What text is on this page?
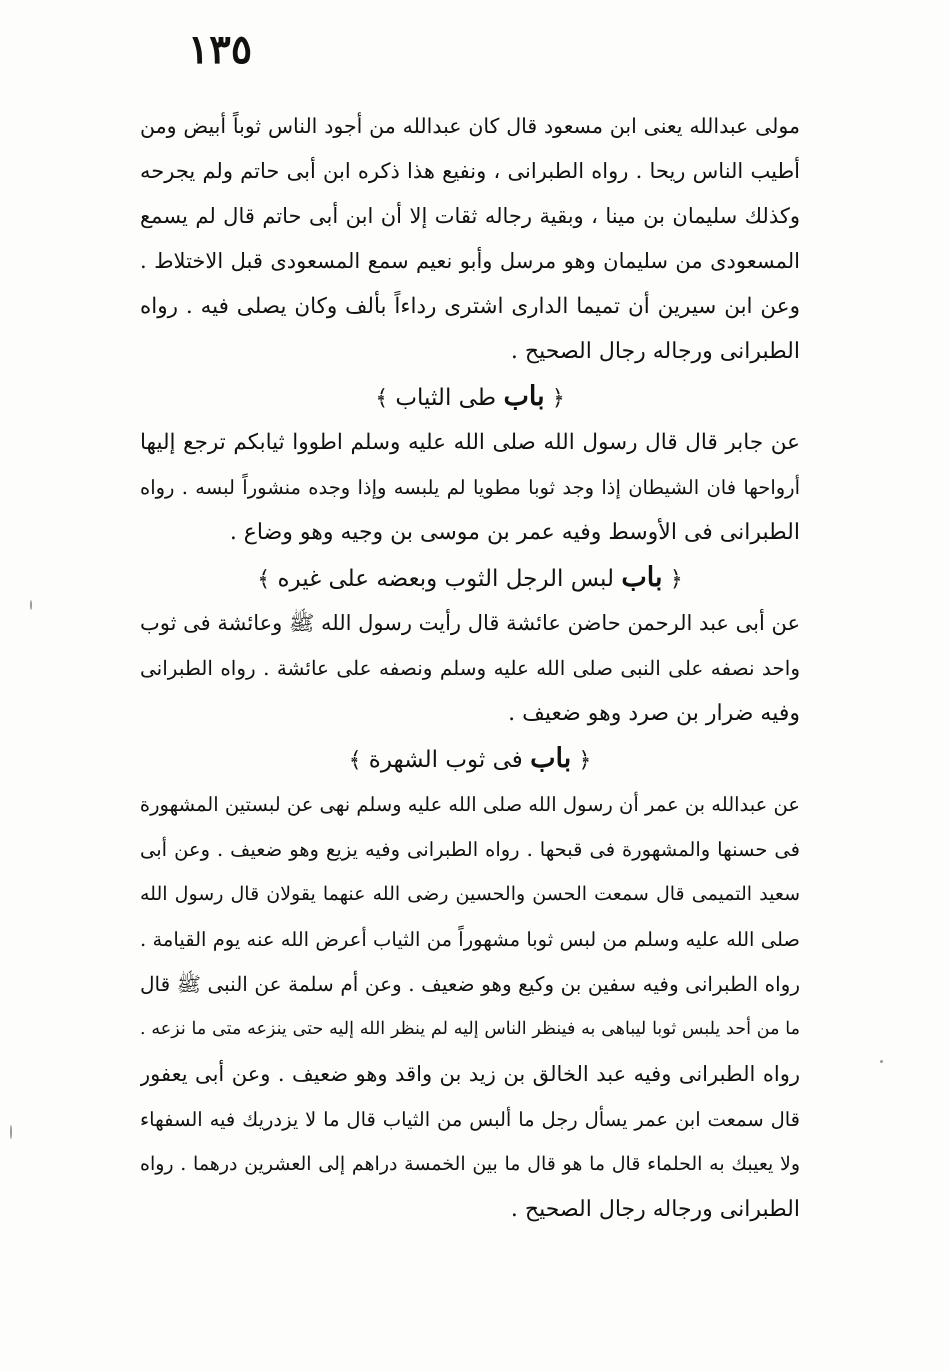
١٣٥
مولى عبدالله يعنى ابن مسعود قال كان عبدالله من أجود الناس ثوباً أبيض ومن
أطيب الناس ريحا . رواه الطبرانى ، ونفيع هذا ذكره ابن أبى حاتم ولم يجرحه
وكذلك سليمان بن مينا ، وبقية رجاله ثقات إلا أن ابن أبى حاتم قال لم يسمع
المسعودى من سليمان وهو مرسل وأبو نعيم سمع المسعودى قبل الاختلاط .
وعن ابن سيرين أن تميما الدارى اشترى رداءاً بألف وكان يصلى فيه . رواه
الطبرانى ورجاله رجال الصحيح .
﴿ باب طى الثياب ﴾
عن جابر قال قال رسول الله صلى الله عليه وسلم اطووا ثيابكم ترجع إليها
أرواحها فان الشيطان إذا وجد ثوبا مطويا لم يلبسه وإذا وجده منشوراً لبسه . رواه
الطبرانى فى الأوسط وفيه عمر بن موسى بن وجيه وهو وضاع .
﴿ باب لبس الرجل الثوب وبعضه على غيره ﴾
عن أبى عبد الرحمن حاضن عائشة قال رأيت رسول الله ﷺ وعائشة فى ثوب
واحد نصفه على النبى صلى الله عليه وسلم ونصفه على عائشة . رواه الطبرانى
وفيه ضرار بن صرد وهو ضعيف .
﴿ باب فى ثوب الشهرة ﴾
عن عبدالله بن عمر أن رسول الله صلى الله عليه وسلم نهى عن لبستين المشهورة
فى حسنها والمشهورة فى قبحها . رواه الطبرانى وفيه يزيع وهو ضعيف . وعن أبى
سعيد التميمى قال سمعت الحسن والحسين رضى الله عنهما يقولان قال رسول الله
صلى الله عليه وسلم من لبس ثوبا مشهوراً من الثياب أعرض الله عنه يوم القيامة .
رواه الطبرانى وفيه سفين بن وكيع وهو ضعيف . وعن أم سلمة عن النبى ﷺ قال
ما من أحد يلبس ثوبا ليباهى به فينظر الناس إليه لم ينظر الله إليه حتى ينزعه متى ما نزعه .
رواه الطبرانى وفيه عبد الخالق بن زيد بن واقد وهو ضعيف . وعن أبى يعفور
قال سمعت ابن عمر يسأل رجل ما ألبس من الثياب قال ما لا يزدريك فيه السفهاء
ولا يعيبك به الحلماء قال ما هو قال ما بين الخمسة دراهم إلى العشرين درهما . رواه
الطبرانى ورجاله رجال الصحيح .
